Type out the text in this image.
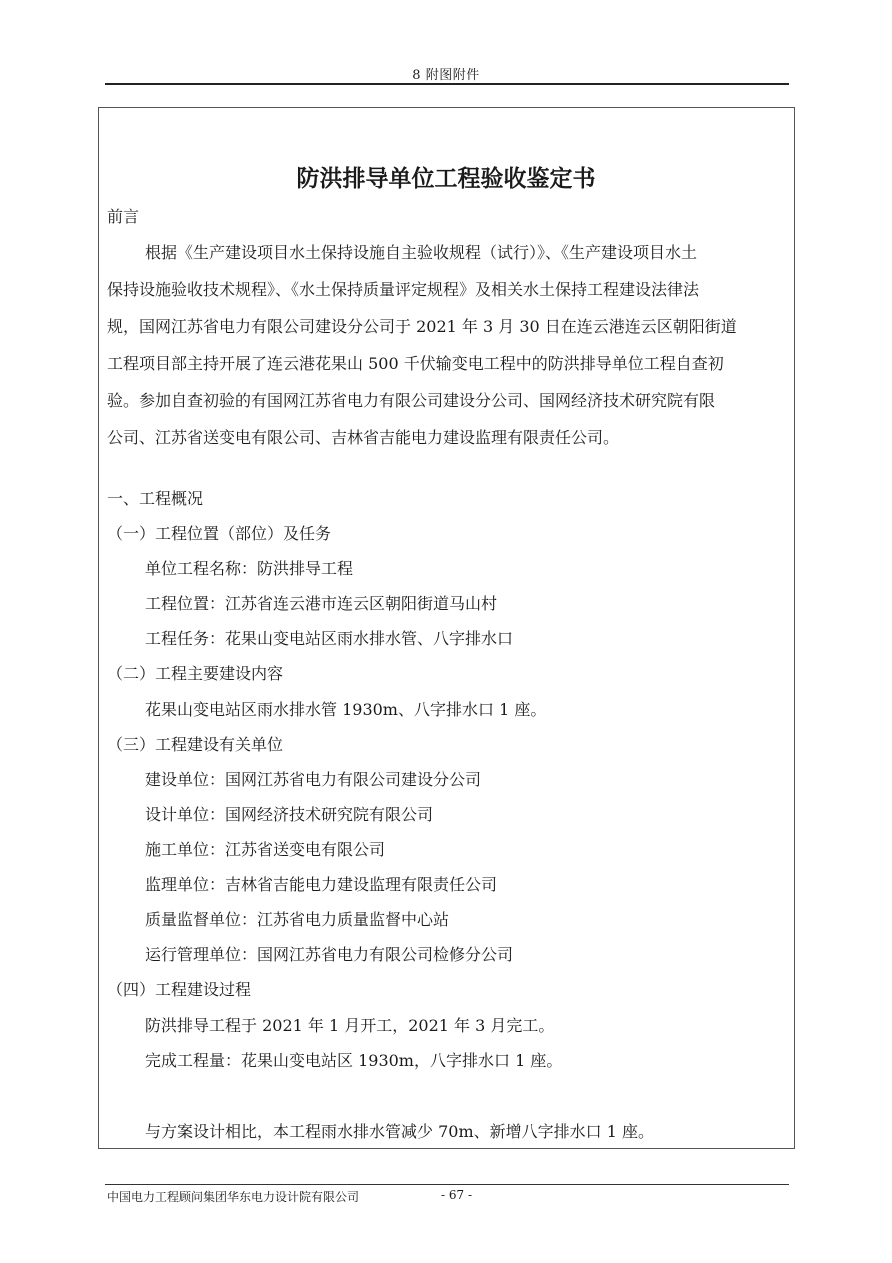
8 附图附件
防洪排导单位工程验收鉴定书
前言
根据《生产建设项目水土保持设施自主验收规程（试行）》、《生产建设项目水土
保持设施验收技术规程》、《水土保持质量评定规程》及相关水土保持工程建设法律法
规，国网江苏省电力有限公司建设分公司于 2021 年 3 月 30 日在连云港连云区朝阳街道
工程项目部主持开展了连云港花果山 500 千伏输变电工程中的防洪排导单位工程自查初
验。参加自查初验的有国网江苏省电力有限公司建设分公司、国网经济技术研究院有限
公司、江苏省送变电有限公司、吉林省吉能电力建设监理有限责任公司。
一、工程概况
（一）工程位置（部位）及任务
单位工程名称：防洪排导工程
工程位置：江苏省连云港市连云区朝阳街道马山村
工程任务：花果山变电站区雨水排水管、八字排水口
（二）工程主要建设内容
花果山变电站区雨水排水管 1930m、八字排水口 1 座。
（三）工程建设有关单位
建设单位：国网江苏省电力有限公司建设分公司
设计单位：国网经济技术研究院有限公司
施工单位：江苏省送变电有限公司
监理单位：吉林省吉能电力建设监理有限责任公司
质量监督单位：江苏省电力质量监督中心站
运行管理单位：国网江苏省电力有限公司检修分公司
（四）工程建设过程
防洪排导工程于 2021 年 1 月开工，2021 年 3 月完工。
完成工程量：花果山变电站区 1930m，八字排水口 1 座。
与方案设计相比，本工程雨水排水管减少 70m、新增八字排水口 1 座。
中国电力工程顾问集团华东电力设计院有限公司	- 67 -
